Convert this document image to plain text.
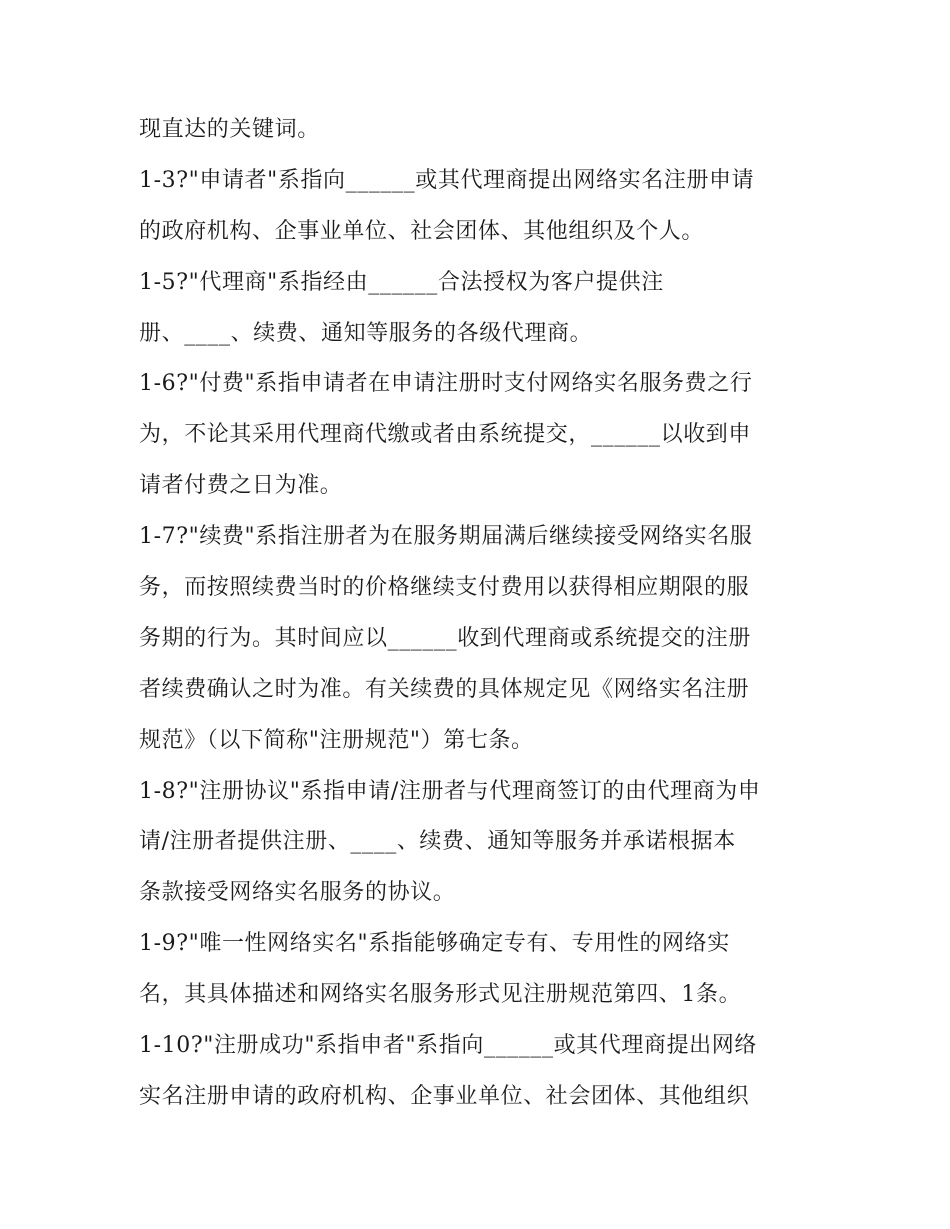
现直达的关键词。
1-3?"申请者"系指向______或其代理商提出网络实名注册申请
的政府机构、企事业单位、社会团体、其他组织及个人。
1-5?"代理商"系指经由______合法授权为客户提供注
册、____、续费、通知等服务的各级代理商。
1-6?"付费"系指申请者在申请注册时支付网络实名服务费之行
为，不论其采用代理商代缴或者由系统提交，______以收到申
请者付费之日为准。
1-7?"续费"系指注册者为在服务期届满后继续接受网络实名服
务，而按照续费当时的价格继续支付费用以获得相应期限的服
务期的行为。其时间应以______收到代理商或系统提交的注册
者续费确认之时为准。有关续费的具体规定见《网络实名注册
规范》（以下简称"注册规范"）第七条。
1-8?"注册协议"系指申请/注册者与代理商签订的由代理商为申
请/注册者提供注册、____、续费、通知等服务并承诺根据本
条款接受网络实名服务的协议。
1-9?"唯一性网络实名"系指能够确定专有、专用性的网络实
名，其具体描述和网络实名服务形式见注册规范第四、1条。
1-10?"注册成功"系指申者"系指向______或其代理商提出网络
实名注册申请的政府机构、企事业单位、社会团体、其他组织
